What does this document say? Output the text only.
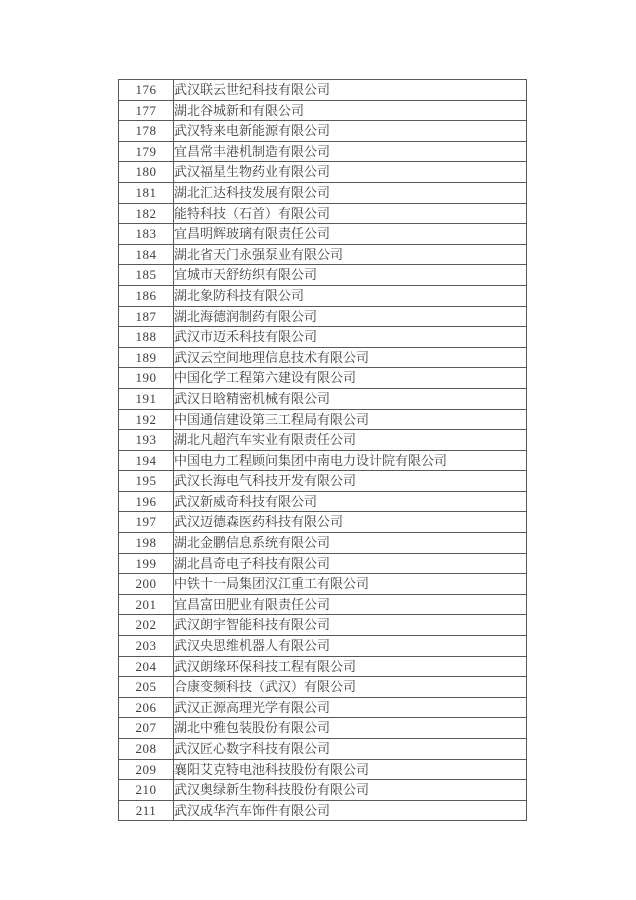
176	武汉联云世纪科技有限公司
177	湖北谷城新和有限公司
178	武汉特来电新能源有限公司
179	宜昌常丰港机制造有限公司
180	武汉福星生物药业有限公司
181	湖北汇达科技发展有限公司
182	能特科技（石首）有限公司
183	宜昌明辉玻璃有限责任公司
184	湖北省天门永强泵业有限公司
185	宜城市天舒纺织有限公司
186	湖北象防科技有限公司
187	湖北海德润制药有限公司
188	武汉市迈禾科技有限公司
189	武汉云空间地理信息技术有限公司
190	中国化学工程第六建设有限公司
191	武汉日晗精密机械有限公司
192	中国通信建设第三工程局有限公司
193	湖北凡超汽车实业有限责任公司
194	中国电力工程顾问集团中南电力设计院有限公司
195	武汉长海电气科技开发有限公司
196	武汉新威奇科技有限公司
197	武汉迈德森医药科技有限公司
198	湖北金鹏信息系统有限公司
199	湖北昌奇电子科技有限公司
200	中铁十一局集团汉江重工有限公司
201	宜昌富田肥业有限责任公司
202	武汉朗宇智能科技有限公司
203	武汉央思维机器人有限公司
204	武汉朗缘环保科技工程有限公司
205	合康变频科技（武汉）有限公司
206	武汉正源高理光学有限公司
207	湖北中雅包装股份有限公司
208	武汉匠心数字科技有限公司
209	襄阳艾克特电池科技股份有限公司
210	武汉奥绿新生物科技股份有限公司
211	武汉成华汽车饰件有限公司
